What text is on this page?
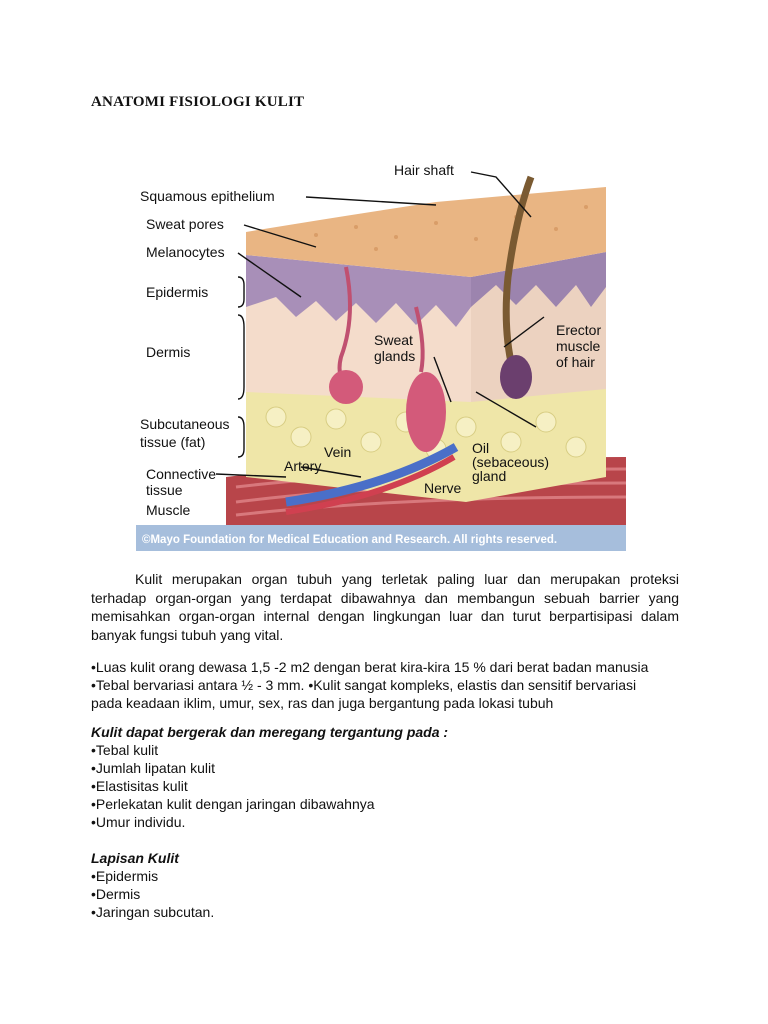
ANATOMI FISIOLOGI KULIT
Hair shaft
Squamous epithelium
Sweat pores
Melanocytes
Epidermis
Dermis
Subcutaneous
tissue (fat)
Connective
tissue
Muscle
Sweat
glands
Erector
muscle
of hair
Oil
(sebaceous)
gland
Artery
Vein
Nerve
©Mayo Foundation for Medical Education and Research. All rights reserved.
Kulit merupakan organ tubuh yang terletak paling luar dan merupakan proteksi terhadap organ-organ yang terdapat dibawahnya dan membangun sebuah barrier yang memisahkan organ-organ internal dengan lingkungan luar dan turut berpartisipasi dalam banyak fungsi tubuh yang vital.
•Luas kulit orang dewasa 1,5 -2 m2 dengan berat kira-kira 15 % dari berat badan manusia
•Tebal bervariasi antara ½ - 3 mm. •Kulit sangat kompleks, elastis dan sensitif bervariasi
pada keadaan iklim, umur, sex, ras dan juga bergantung pada lokasi tubuh
Kulit dapat bergerak dan meregang tergantung pada :
•Tebal kulit
•Jumlah lipatan kulit
•Elastisitas kulit
•Perlekatan kulit dengan jaringan dibawahnya
•Umur individu.
Lapisan Kulit
•Epidermis
•Dermis
•Jaringan subcutan.
